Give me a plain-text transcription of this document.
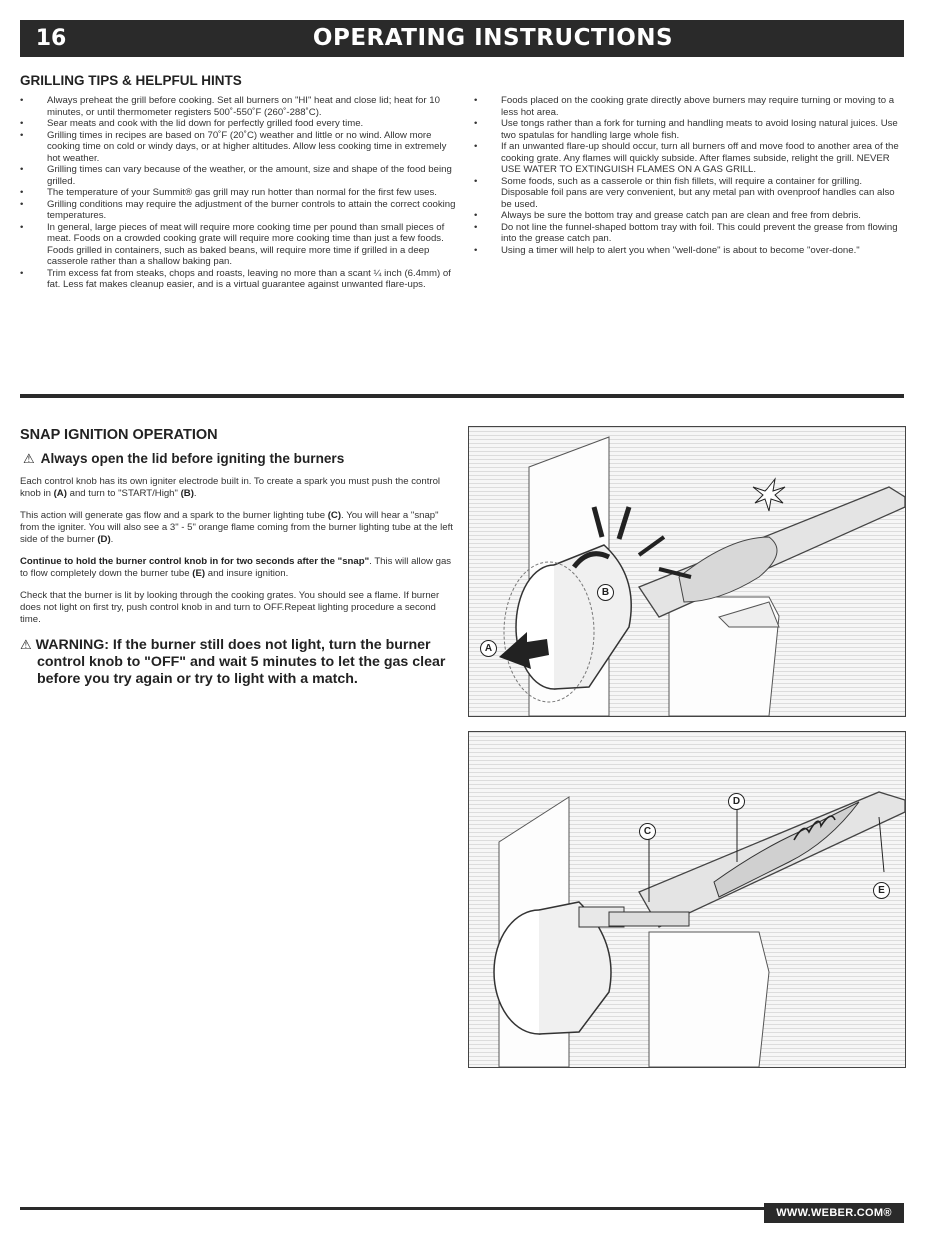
16	OPERATING INSTRUCTIONS
GRILLING TIPS & HELPFUL HINTS
• Always preheat the grill before cooking. Set all burners on "HI" heat and close lid; heat for 10 minutes, or until thermometer registers 500˚-550˚F (260˚-288˚C).
• Sear meats and cook with the lid down for perfectly grilled food every time.
• Grilling times in recipes are based on 70˚F (20˚C) weather and little or no wind. Allow more cooking time on cold or windy days, or at higher altitudes. Allow less cooking time in extremely hot weather.
• Grilling times can vary because of the weather, or the amount, size and shape of the food being grilled.
• The temperature of your Summit® gas grill may run hotter than normal for the first few uses.
• Grilling conditions may require the adjustment of the burner controls to attain the correct cooking temperatures.
• In general, large pieces of meat will require more cooking time per pound than small pieces of meat. Foods on a crowded cooking grate will require more cooking time than just a few foods. Foods grilled in containers, such as baked beans, will require more time if grilled in a deep casserole rather than a shallow baking pan.
• Trim excess fat from steaks, chops and roasts, leaving no more than a scant ¼ inch (6.4mm) of fat. Less fat makes cleanup easier, and is a virtual guarantee against unwanted flare-ups.
• Foods placed on the cooking grate directly above burners may require turning or moving to a less hot area.
• Use tongs rather than a fork for turning and handling meats to avoid losing natural juices. Use two spatulas for handling large whole fish.
• If an unwanted flare-up should occur, turn all burners off and move food to another area of the cooking grate. Any flames will quickly subside. After flames subside, relight the grill. NEVER USE WATER TO EXTINGUISH FLAMES ON A GAS GRILL.
• Some foods, such as a casserole or thin fish fillets, will require a container for grilling. Disposable foil pans are very convenient, but any metal pan with ovenproof handles can also be used.
• Always be sure the bottom tray and grease catch pan are clean and free from debris.
• Do not line the funnel-shaped bottom tray with foil. This could prevent the grease from flowing into the grease catch pan.
• Using a timer will help to alert you when "well-done" is about to become "over-done."
SNAP IGNITION OPERATION
⚠ Always open the lid before igniting the burners

Each control knob has its own igniter electrode built in. To create a spark you must push the control knob in (A) and turn to "START/High" (B).

This action will generate gas flow and a spark to the burner lighting tube (C). You will hear a "snap" from the igniter. You will also see a 3" - 5" orange flame coming from the burner lighting tube at the left side of the burner (D).

Continue to hold the burner control knob in for two seconds after the "snap". This will allow gas to flow completely down the burner tube (E) and insure ignition.

Check that the burner is lit by looking through the cooking grates. You should see a flame. If burner does not light on first try, push control knob in and turn to OFF.Repeat lighting procedure a second time.

⚠ WARNING: If the burner still does not light, turn the burner
control knob to "OFF" and wait 5 minutes to let the gas clear before you try again or try to light with a match.
A
B
C
D
E
WWW.WEBER.COM®
